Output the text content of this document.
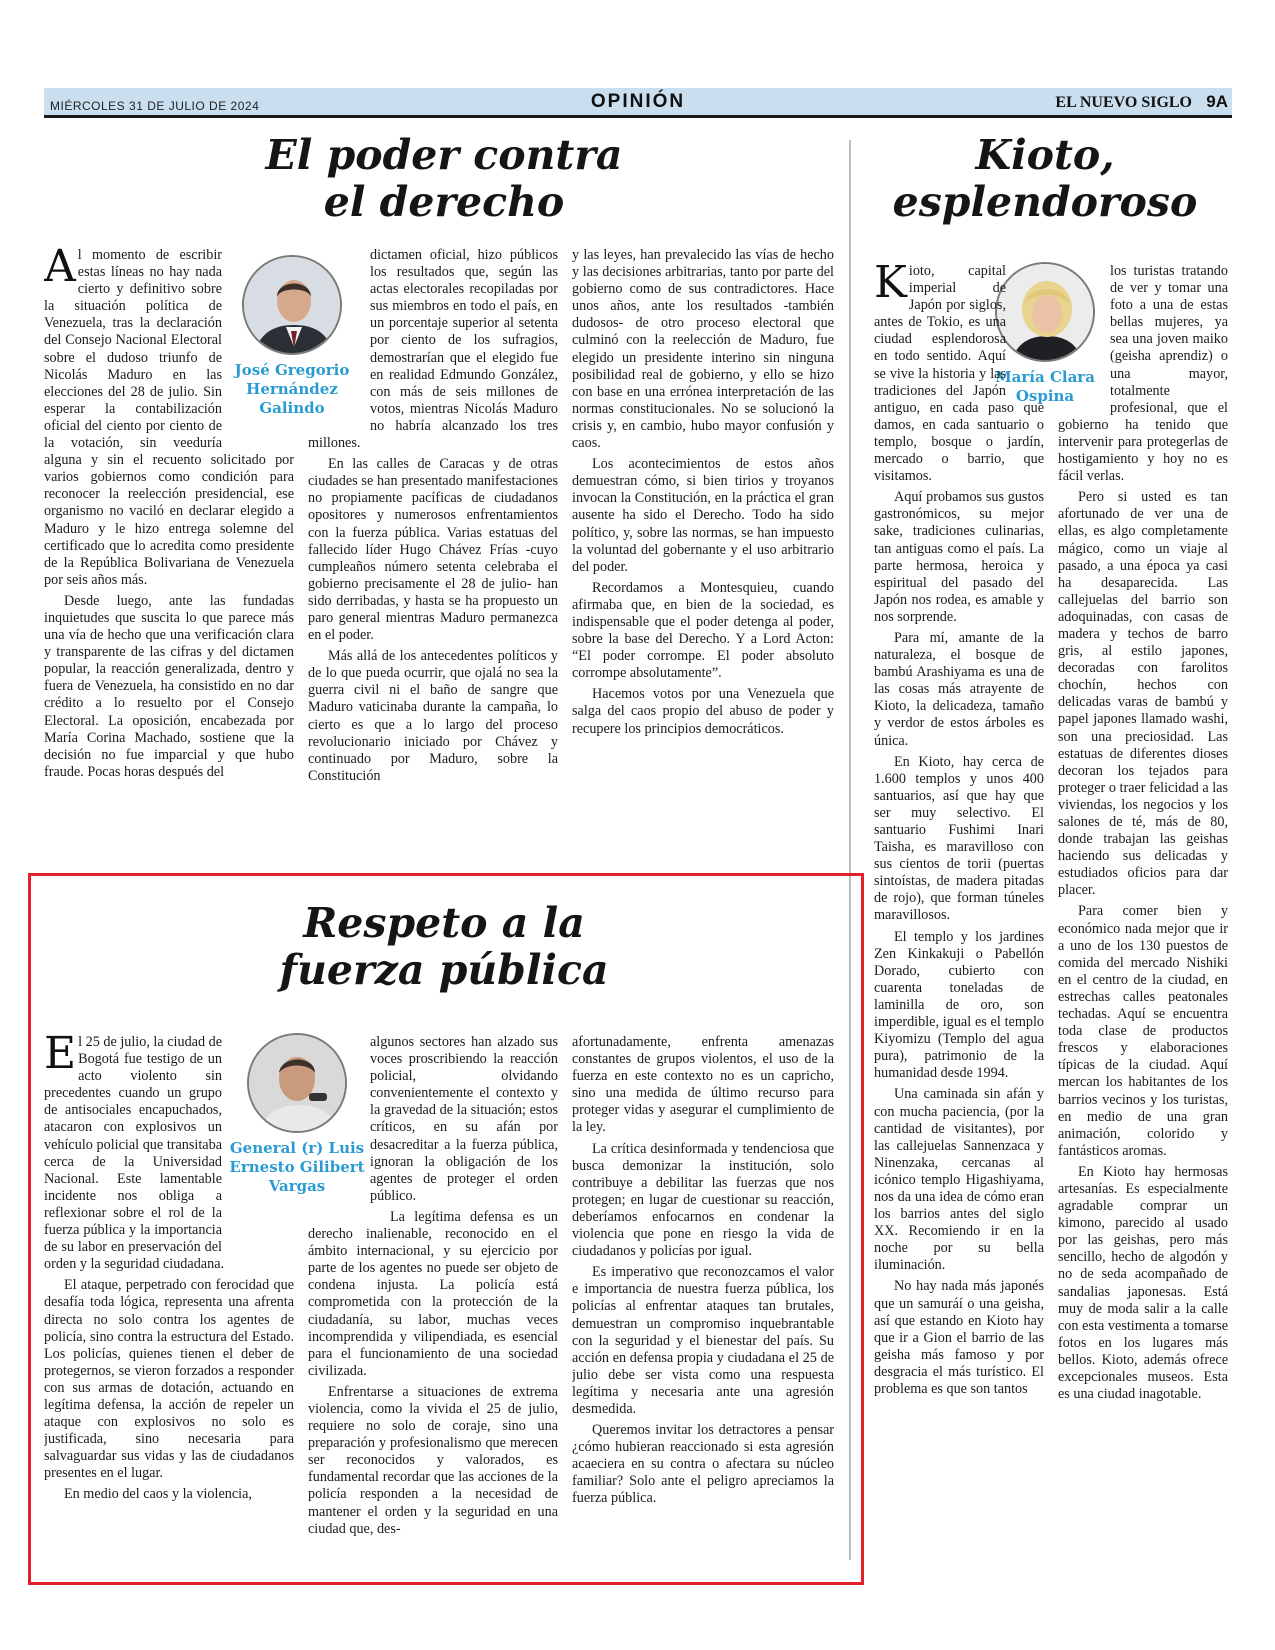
MIÉRCOLES 31 DE JULIO DE 2024	OPINIÓN	EL NUEVO SIGLO 9A
El poder contra
el derecho
José Gregorio Hernández Galindo

Al momento de escribir estas líneas no hay nada cierto y definitivo sobre la situación política de Venezuela, tras la declaración del Consejo Nacional Electoral sobre el dudoso triunfo de Nicolás Maduro en las elecciones del 28 de julio. Sin esperar la contabilización oficial del ciento por ciento de la votación, sin veeduría alguna y sin el recuento solicitado por varios gobiernos como condición para reconocer la reelección presidencial, ese organismo no vaciló en declarar elegido a Maduro y le hizo entrega solemne del certificado que lo acredita como presidente de la República Bolivariana de Venezuela por seis años más.

Desde luego, ante las fundadas inquietudes que suscita lo que parece más una vía de hecho que una verificación clara y transparente de las cifras y del dictamen popular, la reacción generalizada, dentro y fuera de Venezuela, ha consistido en no dar crédito a lo resuelto por el Consejo Electoral. La oposición, encabezada por María Corina Machado, sostiene que la decisión no fue imparcial y que hubo fraude. Pocas horas después del

dictamen oficial, hizo públicos los resultados que, según las actas electorales recopiladas por sus miembros en todo el país, en un porcentaje superior al setenta por ciento de los sufragios, demostrarían que el elegido fue en realidad Edmundo González, con más de seis millones de votos, mientras Nicolás Maduro no habría alcanzado los tres millones.

En las calles de Caracas y de otras ciudades se han presentado manifestaciones no propiamente pacíficas de ciudadanos opositores y numerosos enfrentamientos con la fuerza pública. Varias estatuas del fallecido líder Hugo Chávez Frías -cuyo cumpleaños número setenta celebraba el gobierno precisamente el 28 de julio- han sido derribadas, y hasta se ha propuesto un paro general mientras Maduro permanezca en el poder.

Más allá de los antecedentes políticos y de lo que pueda ocurrir, que ojalá no sea la guerra civil ni el baño de sangre que Maduro vaticinaba durante la campaña, lo cierto es que a lo largo del proceso revolucionario iniciado por Chávez y continuado por Maduro, sobre la Constitución

y las leyes, han prevalecido las vías de hecho y las decisiones arbitrarias, tanto por parte del gobierno como de sus contradictores. Hace unos años, ante los resultados -también dudosos- de otro proceso electoral que culminó con la reelección de Maduro, fue elegido un presidente interino sin ninguna posibilidad real de gobierno, y ello se hizo con base en una errónea interpretación de las normas constitucionales. No se solucionó la crisis y, en cambio, hubo mayor confusión y caos.

Los acontecimientos de estos años demuestran cómo, si bien tirios y troyanos invocan la Constitución, en la práctica el gran ausente ha sido el Derecho. Todo ha sido político, y, sobre las normas, se han impuesto la voluntad del gobernante y el uso arbitrario del poder.

Recordamos a Montesquieu, cuando afirmaba que, en bien de la sociedad, es indispensable que el poder detenga al poder, sobre la base del Derecho. Y a Lord Acton: “El poder corrompe. El poder absoluto corrompe absolutamente”.

Hacemos votos por una Venezuela que salga del caos propio del abuso de poder y recupere los principios democráticos.

Kioto,
esplendoroso
María Clara Ospina

Kioto, capital imperial de Japón por siglos, antes de Tokio, es una ciudad esplendorosa en todo sentido. Aquí se vive la historia y las tradiciones del Japón antiguo, en cada paso que damos, en cada santuario o templo, bosque o jardín, mercado o barrio, que visitamos.

Aquí probamos sus gustos gastronómicos, su mejor sake, tradiciones culinarias, tan antiguas como el país. La parte hermosa, heroica y espiritual del pasado del Japón nos rodea, es amable y nos sorprende.

Para mí, amante de la naturaleza, el bosque de bambú Arashiyama es una de las cosas más atrayente de Kioto, la delicadeza, tamaño y verdor de estos árboles es única.

En Kioto, hay cerca de 1.600 templos y unos 400 santuarios, así que hay que ser muy selectivo. El santuario Fushimi Inari Taisha, es maravilloso con sus cientos de torii (puertas sintoístas, de madera pitadas de rojo), que forman túneles maravillosos.

El templo y los jardines Zen Kinkakuji o Pabellón Dorado, cubierto con cuarenta toneladas de laminilla de oro, son imperdible, igual es el templo Kiyomizu (Templo del agua pura), patrimonio de la humanidad desde 1994.

Una caminada sin afán y con mucha paciencia, (por la cantidad de visitantes), por las callejuelas Sannenzaca y Ninenzaka, cercanas al icónico templo Higashiyama, nos da una idea de cómo eran los barrios antes del siglo XX. Recomiendo ir en la noche por su bella iluminación.

No hay nada más japonés que un samuráí o una geisha, así que estando en Kioto hay que ir a Gion el barrio de las geisha más famoso y por desgracia el más turístico. El problema es que son tantos

los turistas tratando de ver y tomar una foto a una de estas bellas mujeres, ya sea una joven maiko (geisha aprendiz) o una mayor, totalmente profesional, que el gobierno ha tenido que intervenir para protegerlas de hostigamiento y hoy no es fácil verlas.

Pero si usted es tan afortunado de ver una de ellas, es algo completamente mágico, como un viaje al pasado, a una época ya casi ha desaparecida. Las callejuelas del barrio son adoquinadas, con casas de madera y techos de barro gris, al estilo japones, decoradas con farolitos chochín, hechos con delicadas varas de bambú y papel japones llamado washi, son una preciosidad. Las estatuas de diferentes dioses decoran los tejados para proteger o traer felicidad a las viviendas, los negocios y los salones de té, más de 80, donde trabajan las geishas haciendo sus delicadas y estudiados oficios para dar placer.

Para comer bien y económico nada mejor que ir a uno de los 130 puestos de comida del mercado Nishiki en el centro de la ciudad, en estrechas calles peatonales techadas. Aquí se encuentra toda clase de productos frescos y elaboraciones típicas de la ciudad. Aquí mercan los habitantes de los barrios vecinos y los turistas, en medio de una gran animación, colorido y fantásticos aromas.

En Kioto hay hermosas artesanías. Es especialmente agradable comprar un kimono, parecido al usado por las geishas, pero más sencillo, hecho de algodón y no de seda acompañado de sandalias japonesas. Está muy de moda salir a la calle con esta vestimenta a tomarse fotos en los lugares más bellos. Kioto, además ofrece excepcionales museos. Esta es una ciudad inagotable.

Respeto a la
fuerza pública
General (r) Luis Ernesto Gilibert Vargas

El 25 de julio, la ciudad de Bogotá fue testigo de un acto violento sin precedentes cuando un grupo de antisociales encapuchados, atacaron con explosivos un vehículo policial que transitaba cerca de la Universidad Nacional. Este lamentable incidente nos obliga a reflexionar sobre el rol de la fuerza pública y la importancia de su labor en preservación del orden y la seguridad ciudadana.

El ataque, perpetrado con ferocidad que desafía toda lógica, representa una afrenta directa no solo contra los agentes de policía, sino contra la estructura del Estado. Los policías, quienes tienen el deber de protegernos, se vieron forzados a responder con sus armas de dotación, actuando en legítima defensa, la acción de repeler un ataque con explosivos no solo es justificada, sino necesaria para salvaguardar sus vidas y las de ciudadanos presentes en el lugar.

En medio del caos y la violencia,

algunos sectores han alzado sus voces proscribiendo la reacción policial, olvidando convenientemente el contexto y la gravedad de la situación; estos críticos, en su afán por desacreditar a la fuerza pública, ignoran la obligación de los agentes de proteger el orden público.

La legítima defensa es un derecho inalienable, reconocido en el ámbito internacional, y su ejercicio por parte de los agentes no puede ser objeto de condena injusta. La policía está comprometida con la protección de la ciudadanía, su labor, muchas veces incomprendida y vilipendiada, es esencial para el funcionamiento de una sociedad civilizada.

Enfrentarse a situaciones de extrema violencia, como la vivida el 25 de julio, requiere no solo de coraje, sino una preparación y profesionalismo que merecen ser reconocidos y valorados, es fundamental recordar que las acciones de la policía responden a la necesidad de mantener el orden y la seguridad en una ciudad que, des-

afortunadamente, enfrenta amenazas constantes de grupos violentos, el uso de la fuerza en este contexto no es un capricho, sino una medida de último recurso para proteger vidas y asegurar el cumplimiento de la ley.

La crítica desinformada y tendenciosa que busca demonizar la institución, solo contribuye a debilitar las fuerzas que nos protegen; en lugar de cuestionar su reacción, deberíamos enfocarnos en condenar la violencia que pone en riesgo la vida de ciudadanos y policías por igual.

Es imperativo que reconozcamos el valor e importancia de nuestra fuerza pública, los policías al enfrentar ataques tan brutales, demuestran un compromiso inquebrantable con la seguridad y el bienestar del país. Su acción en defensa propia y ciudadana el 25 de julio debe ser vista como una respuesta legítima y necesaria ante una agresión desmedida.

Queremos invitar los detractores a pensar ¿cómo hubieran reaccionado si esta agresión acaeciera en su contra o afectara su núcleo familiar? Solo ante el peligro apreciamos la fuerza pública.
